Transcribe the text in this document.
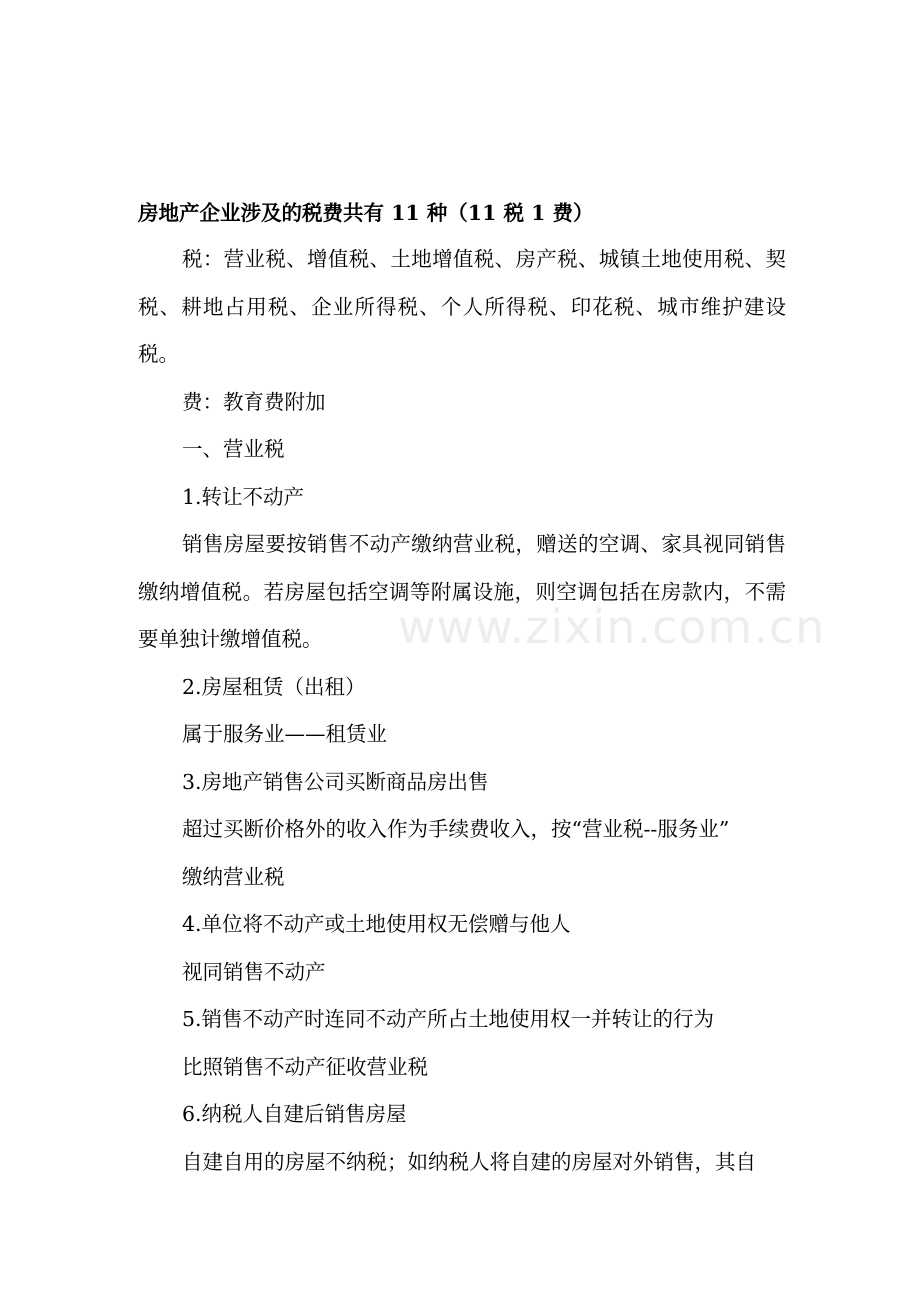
房地产企业涉及的税费共有 11 种（11 税 1 费）

税：营业税、增值税、土地增值税、房产税、城镇土地使用税、契税、耕地占用税、企业所得税、个人所得税、印花税、城市维护建设税。

费：教育费附加

一、营业税

1.转让不动产

销售房屋要按销售不动产缴纳营业税，赠送的空调、家具视同销售缴纳增值税。若房屋包括空调等附属设施，则空调包括在房款内，不需要单独计缴增值税。

2.房屋租赁（出租）

属于服务业——租赁业

3.房地产销售公司买断商品房出售

超过买断价格外的收入作为手续费收入，按“营业税--服务业”

缴纳营业税

4.单位将不动产或土地使用权无偿赠与他人

视同销售不动产

5.销售不动产时连同不动产所占土地使用权一并转让的行为

比照销售不动产征收营业税

6.纳税人自建后销售房屋

自建自用的房屋不纳税；如纳税人将自建的房屋对外销售，其自

www.zixin.com.cn
